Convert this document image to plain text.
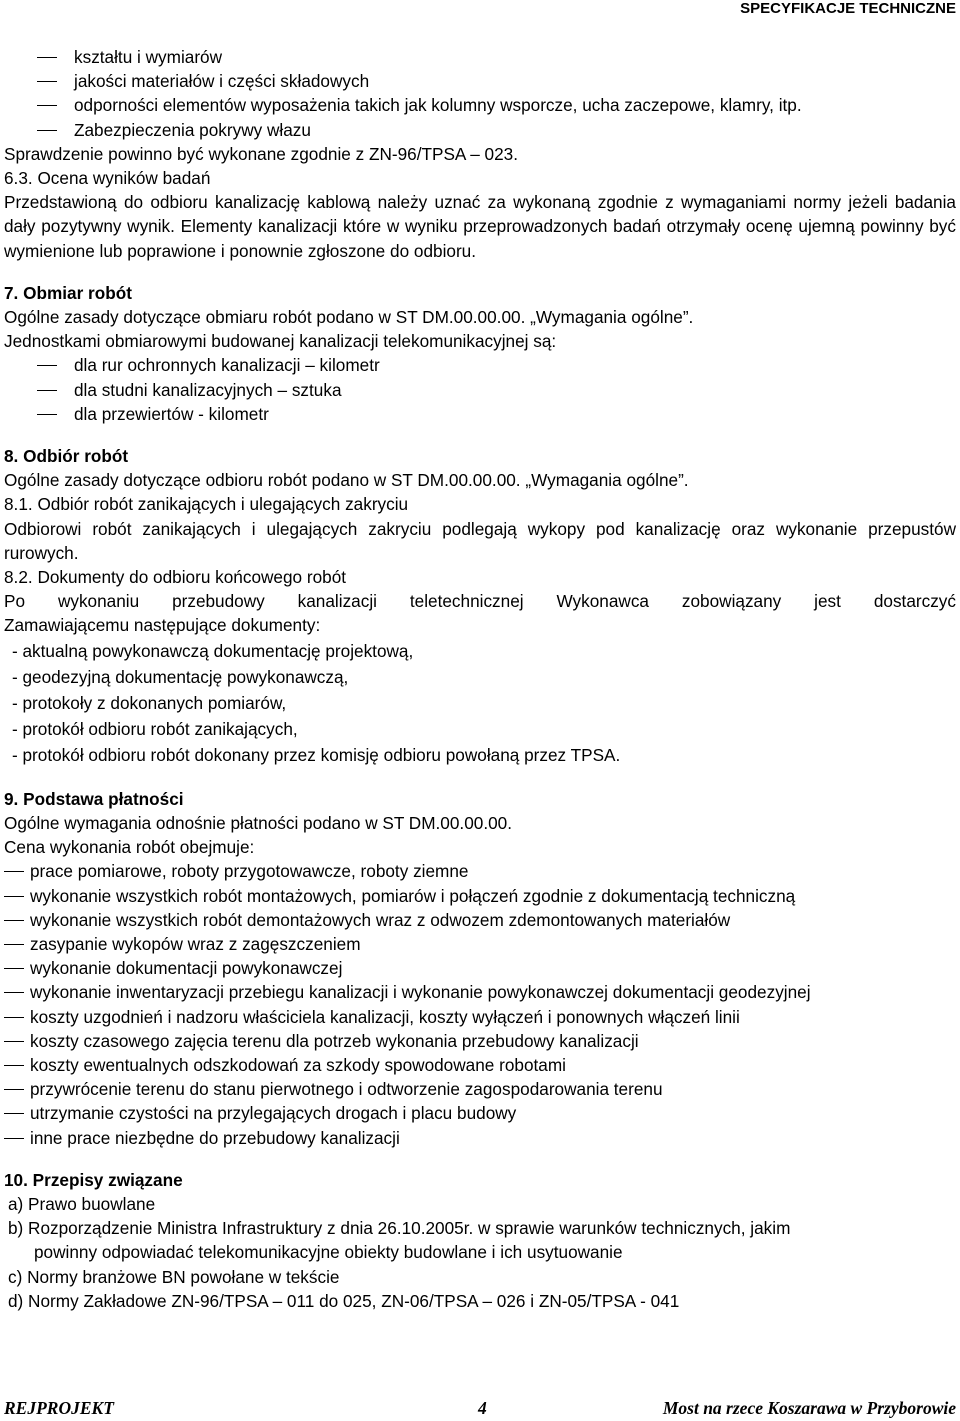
SPECYFIKACJE TECHNICZNE
kształtu i wymiarów
jakości materiałów i części składowych
odporności elementów wyposażenia takich jak kolumny wsporcze, ucha zaczepowe, klamry, itp.
Zabezpieczenia pokrywy włazu

Sprawdzenie powinno być wykonane zgodnie z ZN-96/TPSA – 023.

6.3. Ocena wyników badań

Przedstawioną do odbioru kanalizację kablową należy uznać za wykonaną zgodnie z wymaganiami normy jeżeli badania dały pozytywny wynik. Elementy kanalizacji które w wyniku przeprowadzonych badań otrzymały ocenę ujemną powinny być wymienione lub poprawione i ponownie zgłoszone do odbioru.

7. Obmiar robót

Ogólne zasady dotyczące obmiaru robót podano w ST DM.00.00.00. „Wymagania ogólne”.

Jednostkami obmiarowymi budowanej kanalizacji telekomunikacyjnej są:

dla rur ochronnych kanalizacji – kilometr
dla studni kanalizacyjnych – sztuka
dla przewiertów - kilometr

8. Odbiór robót

Ogólne zasady dotyczące odbioru robót podano w ST DM.00.00.00. „Wymagania ogólne”.

8.1. Odbiór robót zanikających i ulegających zakryciu

Odbiorowi robót zanikających i ulegających zakryciu podlegają wykopy pod kanalizację oraz wykonanie przepustów rurowych.

8.2. Dokumenty do odbioru końcowego robót

Po wykonaniu przebudowy kanalizacji teletechnicznej Wykonawca zobowiązany jest dostarczyć

Zamawiającemu następujące dokumenty:

- aktualną powykonawczą dokumentację projektową,
- geodezyjną dokumentację powykonawczą,
- protokoły z dokonanych pomiarów,
- protokół odbioru robót zanikających,
- protokół odbioru robót dokonany przez komisję odbioru powołaną przez TPSA.

9. Podstawa płatności

Ogólne wymagania odnośnie płatności podano w ST DM.00.00.00.

Cena wykonania robót obejmuje:

prace pomiarowe, roboty przygotowawcze, roboty ziemne
wykonanie wszystkich robót montażowych, pomiarów i połączeń zgodnie z dokumentacją techniczną
wykonanie wszystkich robót demontażowych wraz z odwozem zdemontowanych materiałów
zasypanie wykopów wraz z zagęszczeniem
wykonanie dokumentacji powykonawczej
wykonanie inwentaryzacji przebiegu kanalizacji i wykonanie powykonawczej dokumentacji geodezyjnej
koszty uzgodnień i nadzoru właściciela kanalizacji, koszty wyłączeń i ponownych włączeń linii
koszty czasowego zajęcia terenu dla potrzeb wykonania przebudowy kanalizacji
koszty ewentualnych odszkodowań za szkody spowodowane robotami
przywrócenie terenu do stanu pierwotnego i odtworzenie zagospodarowania terenu
utrzymanie czystości na przylegających drogach i placu budowy
inne prace niezbędne do przebudowy kanalizacji

10. Przepisy związane

a) Prawo buowlane
b) Rozporządzenie Ministra Infrastruktury z dnia 26.10.2005r. w sprawie warunków technicznych, jakim
powinny odpowiadać telekomunikacyjne obiekty budowlane i ich usytuowanie
c) Normy branżowe BN powołane w tekście
d) Normy Zakładowe ZN-96/TPSA – 011 do 025, ZN-06/TPSA – 026 i ZN-05/TPSA - 041
REJPROJEKT	4	Most na rzece Koszarawa w Przyborowie
